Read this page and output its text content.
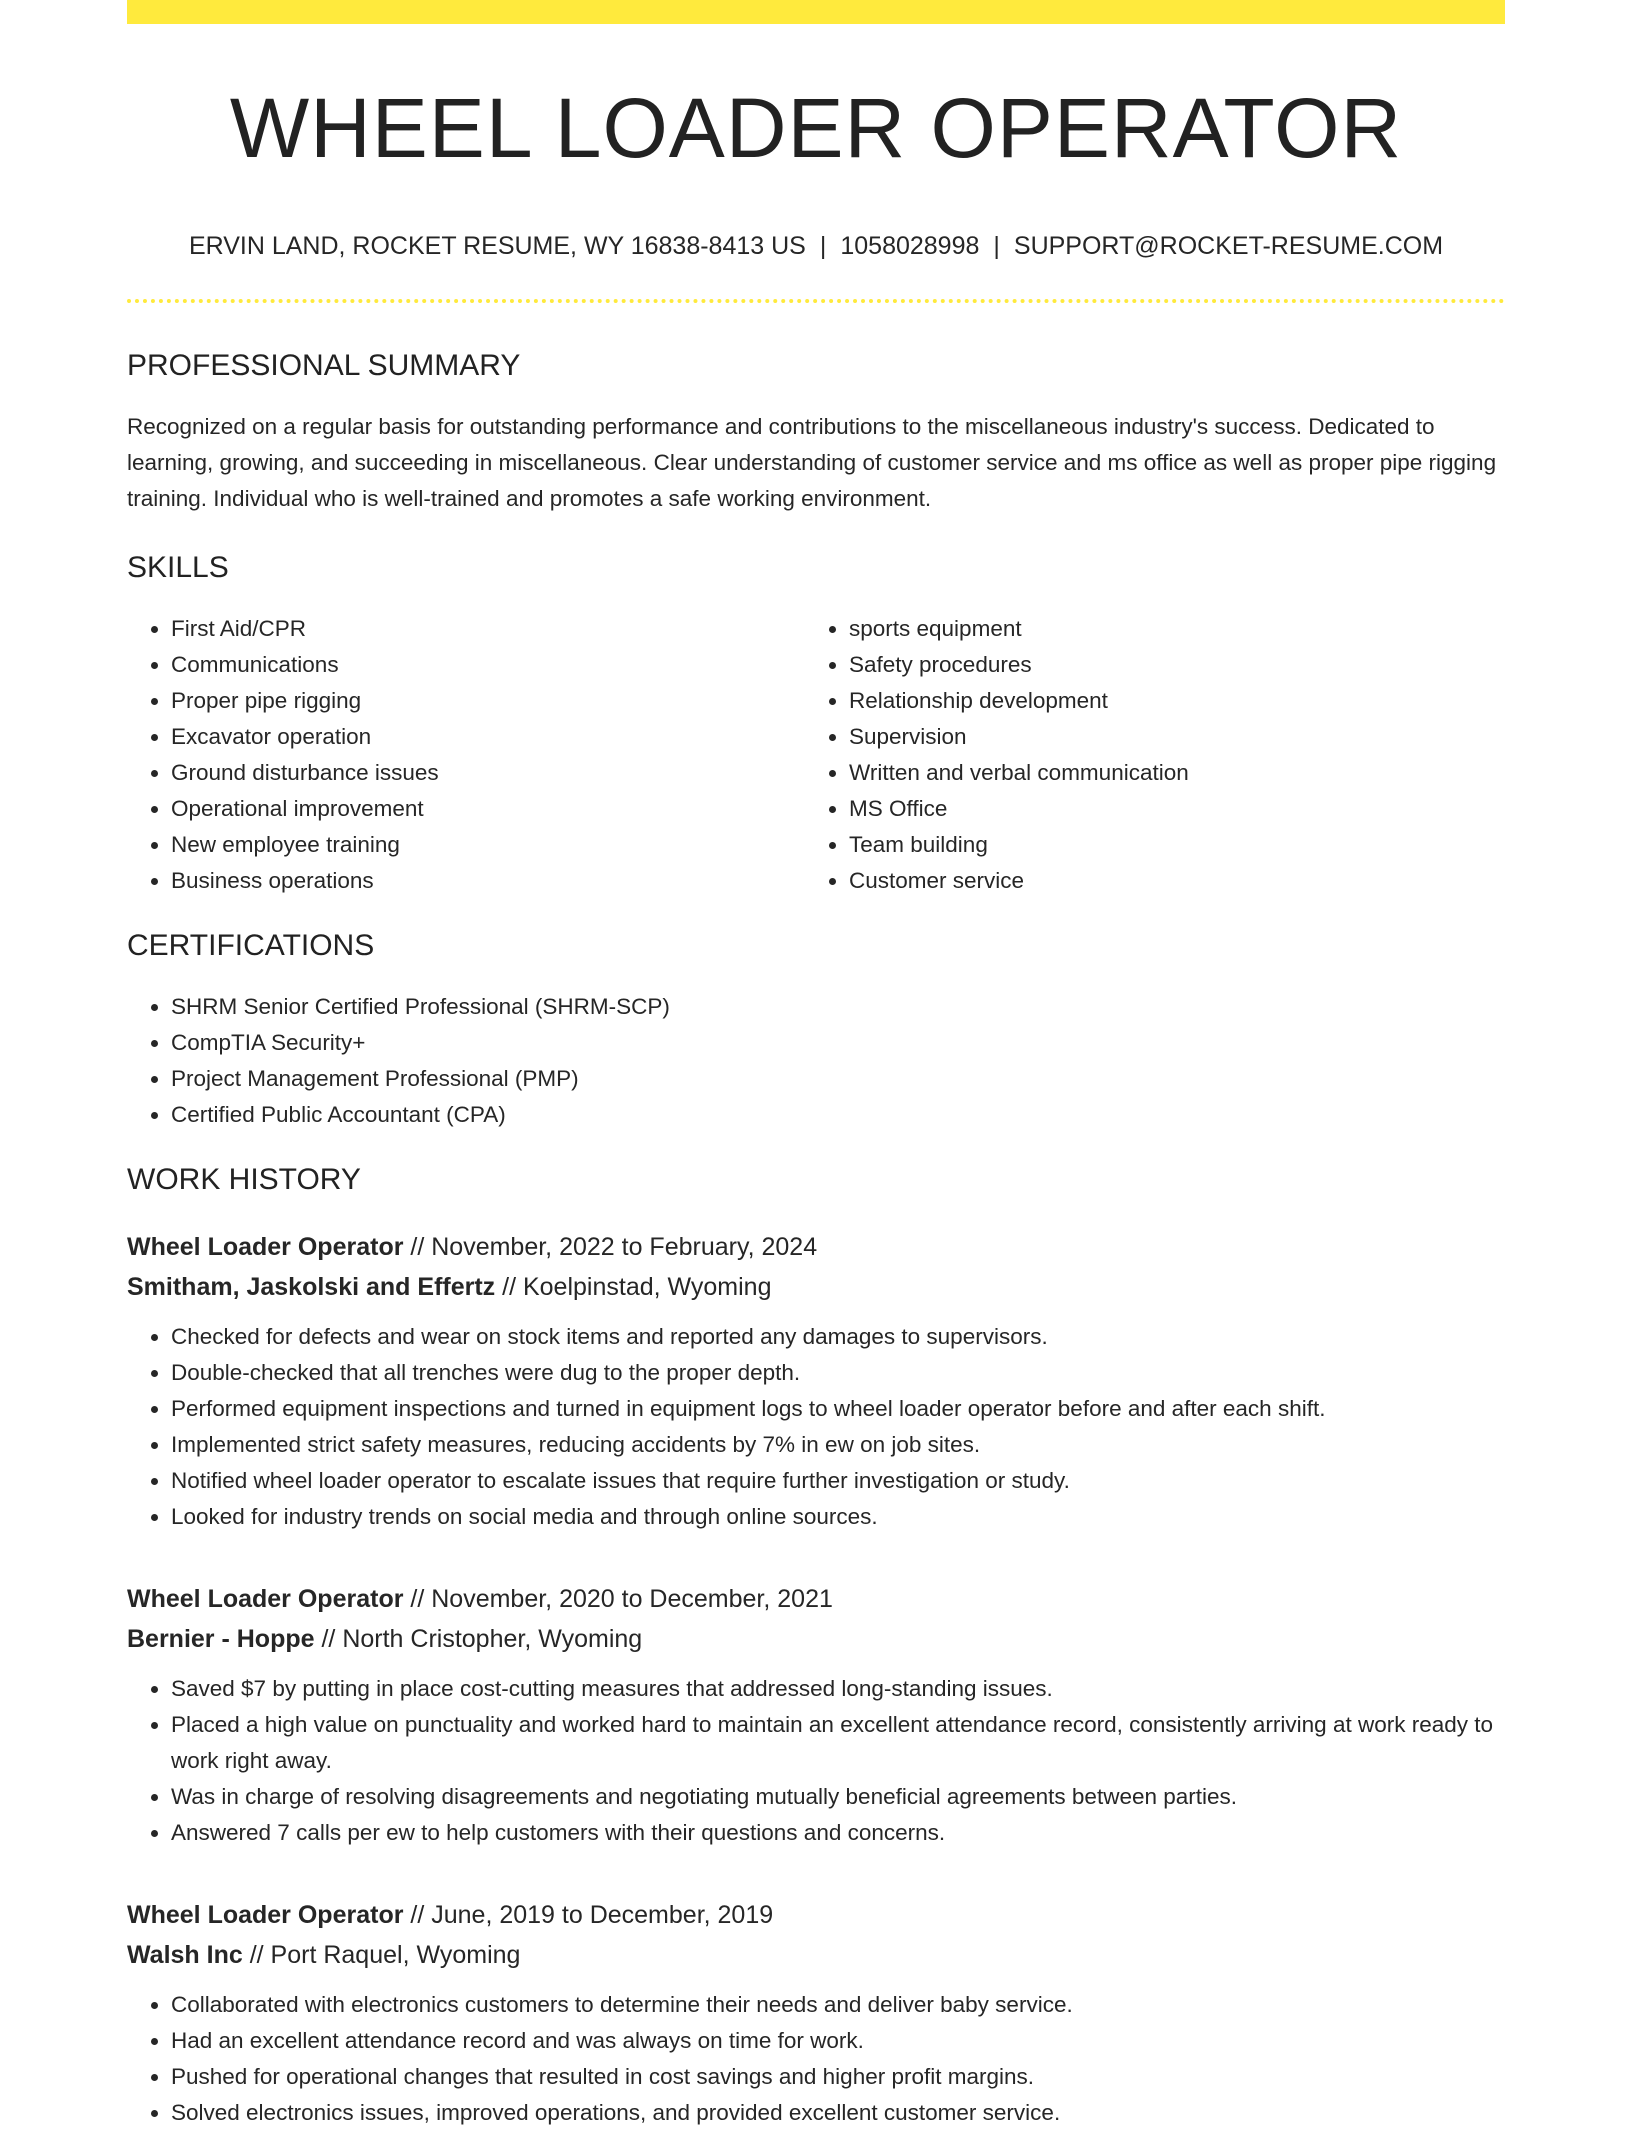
WHEEL LOADER OPERATOR
ERVIN LAND, ROCKET RESUME, WY 16838-8413 US | 1058028998 | SUPPORT@ROCKET-RESUME.COM
PROFESSIONAL SUMMARY
Recognized on a regular basis for outstanding performance and contributions to the miscellaneous industry's success. Dedicated to learning, growing, and succeeding in miscellaneous. Clear understanding of customer service and ms office as well as proper pipe rigging training. Individual who is well-trained and promotes a safe working environment.
SKILLS
• First Aid/CPR
• Communications
• Proper pipe rigging
• Excavator operation
• Ground disturbance issues
• Operational improvement
• New employee training
• Business operations
• sports equipment
• Safety procedures
• Relationship development
• Supervision
• Written and verbal communication
• MS Office
• Team building
• Customer service
CERTIFICATIONS
• SHRM Senior Certified Professional (SHRM-SCP)
• CompTIA Security+
• Project Management Professional (PMP)
• Certified Public Accountant (CPA)
WORK HISTORY
Wheel Loader Operator // November, 2022 to February, 2024
Smitham, Jaskolski and Effertz // Koelpinstad, Wyoming
• Checked for defects and wear on stock items and reported any damages to supervisors.
• Double-checked that all trenches were dug to the proper depth.
• Performed equipment inspections and turned in equipment logs to wheel loader operator before and after each shift.
• Implemented strict safety measures, reducing accidents by 7% in ew on job sites.
• Notified wheel loader operator to escalate issues that require further investigation or study.
• Looked for industry trends on social media and through online sources.
Wheel Loader Operator // November, 2020 to December, 2021
Bernier - Hoppe // North Cristopher, Wyoming
• Saved $7 by putting in place cost-cutting measures that addressed long-standing issues.
• Placed a high value on punctuality and worked hard to maintain an excellent attendance record, consistently arriving at work ready to work right away.
• Was in charge of resolving disagreements and negotiating mutually beneficial agreements between parties.
• Answered 7 calls per ew to help customers with their questions and concerns.
Wheel Loader Operator // June, 2019 to December, 2019
Walsh Inc // Port Raquel, Wyoming
• Collaborated with electronics customers to determine their needs and deliver baby service.
• Had an excellent attendance record and was always on time for work.
• Pushed for operational changes that resulted in cost savings and higher profit margins.
• Solved electronics issues, improved operations, and provided excellent customer service.
